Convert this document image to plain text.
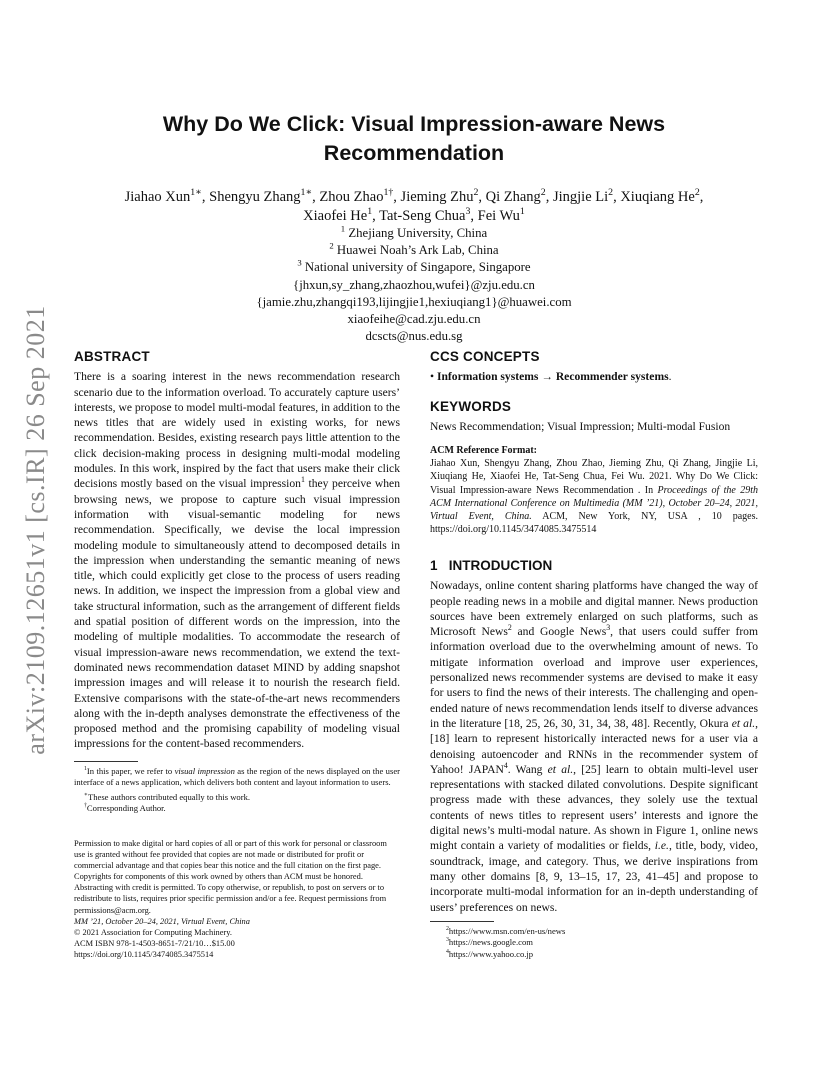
arXiv:2109.12651v1 [cs.IR] 26 Sep 2021
Why Do We Click: Visual Impression-aware News
Recommendation
Jiahao Xun$^{1∗}$, Shengyu Zhang$^{1∗}$, Zhou Zhao$^{1\dagger}$, Jieming Zhu$^2$, Qi Zhang$^2$, Jingjie Li$^2$, Xiuqiang He$^2$,
Xiaofei He$^1$, Tat-Seng Chua$^3$, Fei Wu$^1$
$^1$ Zhejiang University, China
$^2$ Huawei Noah’s Ark Lab, China
$^3$ National university of Singapore, Singapore
{jhxun,sy_zhang,zhaozhou,wufei}@zju.edu.cn
{jamie.zhu,zhangqi193,lijingjie1,hexiuqiang1}@huawei.com
xiaofeihe@cad.zju.edu.cn
dcscts@nus.edu.sg
ABSTRACT
There is a soaring interest in the news recommendation research scenario due to the information overload. To accurately capture users’ interests, we propose to model multi-modal features, in addition to the news titles that are widely used in existing works, for news recommendation. Besides, existing research pays little attention to the click decision-making process in designing multi-modal modeling modules. In this work, inspired by the fact that users make their click decisions mostly based on the visual impression$^1$ they perceive when browsing news, we propose to capture such visual impression information with visual-semantic modeling for news recommendation. Specifically, we devise the local impression modeling module to simultaneously attend to decomposed details in the impression when understanding the semantic meaning of news title, which could explicitly get close to the process of users reading news. In addition, we inspect the impression from a global view and take structural information, such as the arrangement of different fields and spatial position of different words on the impression, into the modeling of multiple modalities. To accommodate the research of visual impression-aware news recommendation, we extend the text-dominated news recommendation dataset MIND by adding snapshot impression images and will release it to nourish the research field. Extensive comparisons with the state-of-the-art news recommenders along with the in-depth analyses demonstrate the effectiveness of the proposed method and the promising capability of modeling visual impressions for the content-based recommenders.
$^1$In this paper, we refer to visual impression as the region of the news displayed on the user interface of a news application, which delivers both content and layout information to users.
∗These authors contributed equally to this work.
†Corresponding Author.
Permission to make digital or hard copies of all or part of this work for personal or classroom use is granted without fee provided that copies are not made or distributed for profit or commercial advantage and that copies bear this notice and the full citation on the first page. Copyrights for components of this work owned by others than ACM must be honored. Abstracting with credit is permitted. To copy otherwise, or republish, to post on servers or to redistribute to lists, requires prior specific permission and/or a fee. Request permissions from permissions@acm.org.
MM ’21, October 20–24, 2021, Virtual Event, China
© 2021 Association for Computing Machinery.
ACM ISBN 978-1-4503-8651-7/21/10…$15.00
https://doi.org/10.1145/3474085.3475514
CCS CONCEPTS
• Information systems → Recommender systems.
KEYWORDS
News Recommendation; Visual Impression; Multi-modal Fusion
ACM Reference Format:
Jiahao Xun, Shengyu Zhang, Zhou Zhao, Jieming Zhu, Qi Zhang, Jingjie Li, Xiuqiang He, Xiaofei He, Tat-Seng Chua, Fei Wu. 2021. Why Do We Click: Visual Impression-aware News Recommendation . In Proceedings of the 29th ACM International Conference on Multimedia (MM ’21), October 20–24, 2021, Virtual Event, China. ACM, New York, NY, USA , 10 pages. https://doi.org/10.1145/3474085.3475514
1 INTRODUCTION
Nowadays, online content sharing platforms have changed the way of people reading news in a mobile and digital manner. News production sources have been extremely enlarged on such platforms, such as Microsoft News$^2$ and Google News$^3$, that users could suffer from information overload due to the overwhelming amount of news. To mitigate information overload and improve user experiences, personalized news recommender systems are devised to make it easy for users to find the news of their interests. The challenging and open-ended nature of news recommendation lends itself to diverse advances in the literature [18, 25, 26, 30, 31, 34, 38, 48]. Recently, Okura et al., [18] learn to represent historically interacted news for a user via a denoising autoencoder and RNNs in the recommender system of Yahoo! JAPAN$^4$. Wang et al., [25] learn to obtain multi-level user representations with stacked dilated convolutions. Despite significant progress made with these advances, they solely use the textual contents of news titles to represent users’ interests and ignore the digital news’s multi-modal nature. As shown in Figure 1, online news might contain a variety of modalities or fields, i.e., title, body, video, soundtrack, image, and category. Thus, we derive inspirations from many other domains [8, 9, 13–15, 17, 23, 41–45] and propose to incorporate multi-modal information for an in-depth understanding of users’ preferences on news.
$^2$https://www.msn.com/en-us/news
$^3$https://news.google.com
$^4$https://www.yahoo.co.jp
